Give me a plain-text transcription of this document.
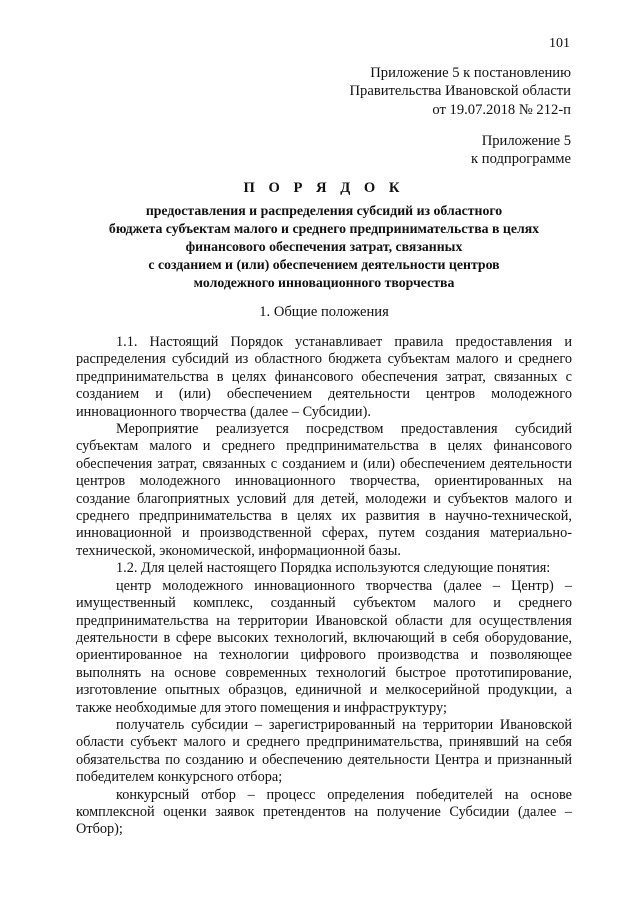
101
Приложение 5 к постановлению
Правительства Ивановской области
от 19.07.2018 № 212-п
Приложение 5
к подпрограмме
П О Р Я Д О К
предоставления и распределения субсидий из областного
бюджета субъектам малого и среднего предпринимательства в целях
финансового обеспечения затрат, связанных
с созданием и (или) обеспечением деятельности центров
молодежного инновационного творчества
1. Общие положения

1.1. Настоящий Порядок устанавливает правила предоставления и распределения субсидий из областного бюджета субъектам малого и среднего предпринимательства в целях финансового обеспечения затрат, связанных с созданием и (или) обеспечением деятельности центров молодежного инновационного творчества (далее – Субсидии).

Мероприятие реализуется посредством предоставления субсидий субъектам малого и среднего предпринимательства в целях финансового обеспечения затрат, связанных с созданием и (или) обеспечением деятельности центров молодежного инновационного творчества, ориентированных на создание благоприятных условий для детей, молодежи и субъектов малого и среднего предпринимательства в целях их развития в научно-технической, инновационной и производственной сферах, путем создания материально-технической, экономической, информационной базы.

1.2. Для целей настоящего Порядка используются следующие понятия:

центр молодежного инновационного творчества (далее – Центр) – имущественный комплекс, созданный субъектом малого и среднего предпринимательства на территории Ивановской области для осуществления деятельности в сфере высоких технологий, включающий в себя оборудование, ориентированное на технологии цифрового производства и позволяющее выполнять на основе современных технологий быстрое прототипирование, изготовление опытных образцов, единичной и мелкосерийной продукции, а также необходимые для этого помещения и инфраструктуру;

получатель субсидии – зарегистрированный на территории Ивановской области субъект малого и среднего предпринимательства, принявший на себя обязательства по созданию и обеспечению деятельности Центра и признанный победителем конкурсного отбора;

конкурсный отбор – процесс определения победителей на основе комплексной оценки заявок претендентов на получение Субсидии (далее – Отбор);
